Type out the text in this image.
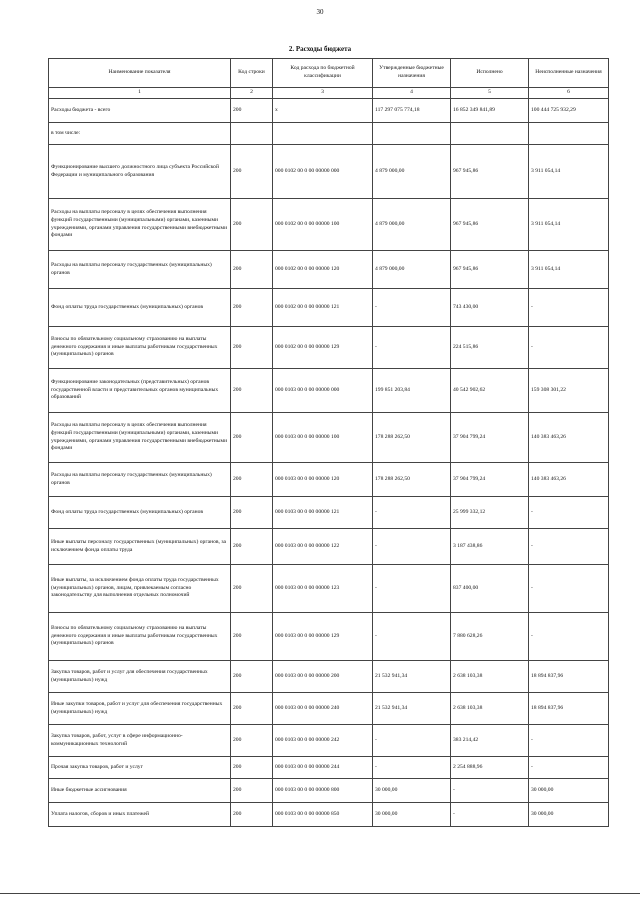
30
2. Расходы бюджета
Наименование показателя	Код строки	Код расхода по бюджетной классификации	Утвержденные бюджетные назначения	Исполнено	Неисполненные назначения
1	2	3	4	5	6
Расходы бюджета - всего	200	x	117 297 075 774,18	16 852 349 841,89	100 444 725 932,29
в том числе:					
Функционирование высшего должностного лица субъекта Российской Федерации и муниципального образования	200	000 0102 00 0 00 00000 000	4 879 000,00	967 945,86	3 911 054,14
Расходы на выплаты персоналу в целях обеспечения выполнения функций государственными (муниципальными) органами, казенными учреждениями, органами управления государственными внебюджетными фондами	200	000 0102 00 0 00 00000 100	4 879 000,00	967 945,86	3 911 054,14
Расходы на выплаты персоналу государственных (муниципальных) органов	200	000 0102 00 0 00 00000 120	4 879 000,00	967 945,86	3 911 054,14
Фонд оплаты труда государственных (муниципальных) органов	200	000 0102 00 0 00 00000 121	-	743 430,00	-
Взносы по обязательному социальному страхованию на выплаты денежного содержания и иные выплаты работникам государственных (муниципальных) органов	200	000 0102 00 0 00 00000 129	-	224 515,86	-
Функционирование законодательных (представительных) органов государственной власти и представительных органов муниципальных образований	200	000 0103 00 0 00 00000 000	199 851 203,84	40 542 902,62	159 308 301,22
Расходы на выплаты персоналу в целях обеспечения выполнения функций государственными (муниципальными) органами, казенными учреждениями, органами управления государственными внебюджетными фондами	200	000 0103 00 0 00 00000 100	178 288 262,50	37 904 799,24	140 383 463,26
Расходы на выплаты персоналу государственных (муниципальных) органов	200	000 0103 00 0 00 00000 120	178 288 262,50	37 904 799,24	140 383 463,26
Фонд оплаты труда государственных (муниципальных) органов	200	000 0103 00 0 00 00000 121	-	25 999 332,12	-
Иные выплаты персоналу государственных (муниципальных) органов, за исключением фонда оплаты труда	200	000 0103 00 0 00 00000 122	-	3 187 438,86	-
Иные выплаты, за исключением фонда оплаты труда государственных (муниципальных) органов, лицам, привлекаемым согласно законодательству для выполнения отдельных полномочий	200	000 0103 00 0 00 00000 123	-	837 400,00	-
Взносы по обязательному социальному страхованию на выплаты денежного содержания и иные выплаты работникам государственных (муниципальных) органов	200	000 0103 00 0 00 00000 129	-	7 880 628,26	-
Закупка товаров, работ и услуг для обеспечения государственных (муниципальных) нужд	200	000 0103 00 0 00 00000 200	21 532 941,34	2 638 103,38	18 894 837,96
Иные закупки товаров, работ и услуг для обеспечения государственных (муниципальных) нужд	200	000 0103 00 0 00 00000 240	21 532 941,34	2 638 103,38	18 894 837,96
Закупка товаров, работ, услуг в сфере информационно-коммуникационных технологий	200	000 0103 00 0 00 00000 242	-	383 214,42	-
Прочая закупка товаров, работ и услуг	200	000 0103 00 0 00 00000 244	-	2 254 888,96	-
Иные бюджетные ассигнования	200	000 0103 00 0 00 00000 800	30 000,00	-	30 000,00
Уплата налогов, сборов и иных платежей	200	000 0103 00 0 00 00000 850	30 000,00	-	30 000,00
